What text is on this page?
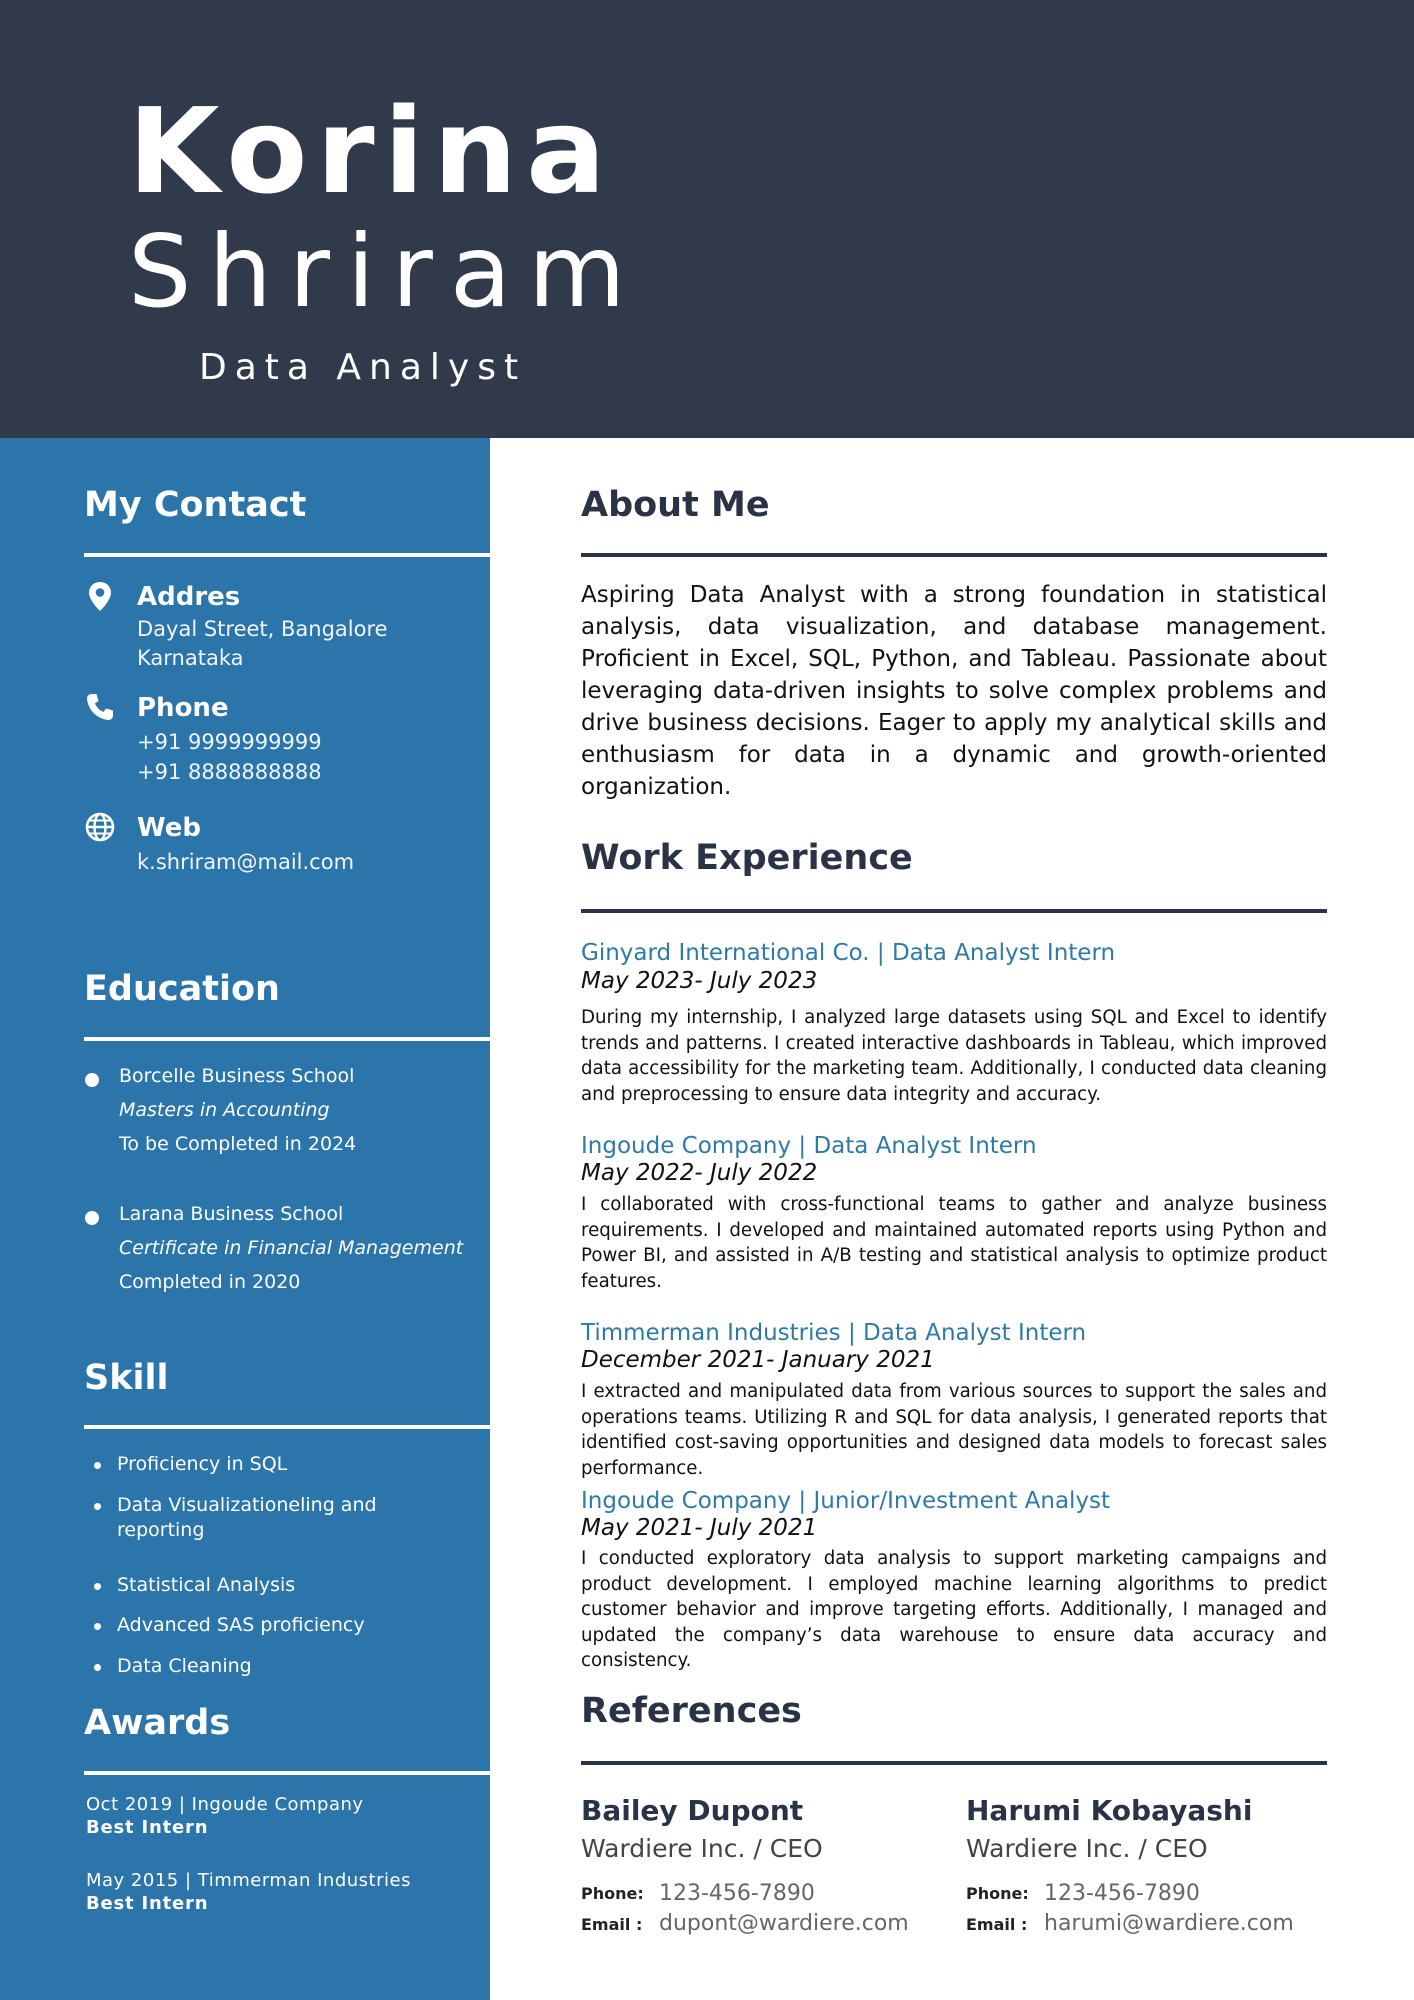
Korina
Shriram
Data Analyst
My Contact
Addres
Dayal Street, Bangalore
Karnataka
Phone
+91 9999999999
+91 8888888888
Web
k.shriram@mail.com
Education
Borcelle Business School
Masters in Accounting
To be Completed in 2024
Larana Business School
Certificate in Financial Management
Completed in 2020
Skill
Proficiency in SQL
Data Visualizationeling and reporting
Statistical Analysis
Advanced SAS proficiency
Data Cleaning
Awards
Oct 2019 | Ingoude Company
Best Intern
May 2015 | Timmerman Industries
Best Intern
About Me
Aspiring Data Analyst with a strong foundation in statistical analysis, data visualization, and database management. Proficient in Excel, SQL, Python, and Tableau. Passionate about leveraging data-driven insights to solve complex problems and drive business decisions. Eager to apply my analytical skills and enthusiasm for data in a dynamic and growth-oriented organization.
Work Experience
Ginyard International Co. | Data Analyst Intern
May 2023- July 2023
During my internship, I analyzed large datasets using SQL and Excel to identify trends and patterns. I created interactive dashboards in Tableau, which improved data accessibility for the marketing team. Additionally, I conducted data cleaning and preprocessing to ensure data integrity and accuracy.
Ingoude Company | Data Analyst Intern
May 2022- July 2022
I collaborated with cross-functional teams to gather and analyze business requirements. I developed and maintained automated reports using Python and Power BI, and assisted in A/B testing and statistical analysis to optimize product features.
Timmerman Industries | Data Analyst Intern
December 2021- January 2021
I extracted and manipulated data from various sources to support the sales and operations teams. Utilizing R and SQL for data analysis, I generated reports that identified cost-saving opportunities and designed data models to forecast sales performance.
Ingoude Company | Junior/Investment Analyst
May 2021- July 2021
I conducted exploratory data analysis to support marketing campaigns and product development. I employed machine learning algorithms to predict customer behavior and improve targeting efforts. Additionally, I managed and updated the company’s data warehouse to ensure data accuracy and consistency.
References
Bailey Dupont
Wardiere Inc. / CEO
Phone: 123-456-7890
Email : dupont@wardiere.com
Harumi Kobayashi
Wardiere Inc. / CEO
Phone: 123-456-7890
Email : harumi@wardiere.com
